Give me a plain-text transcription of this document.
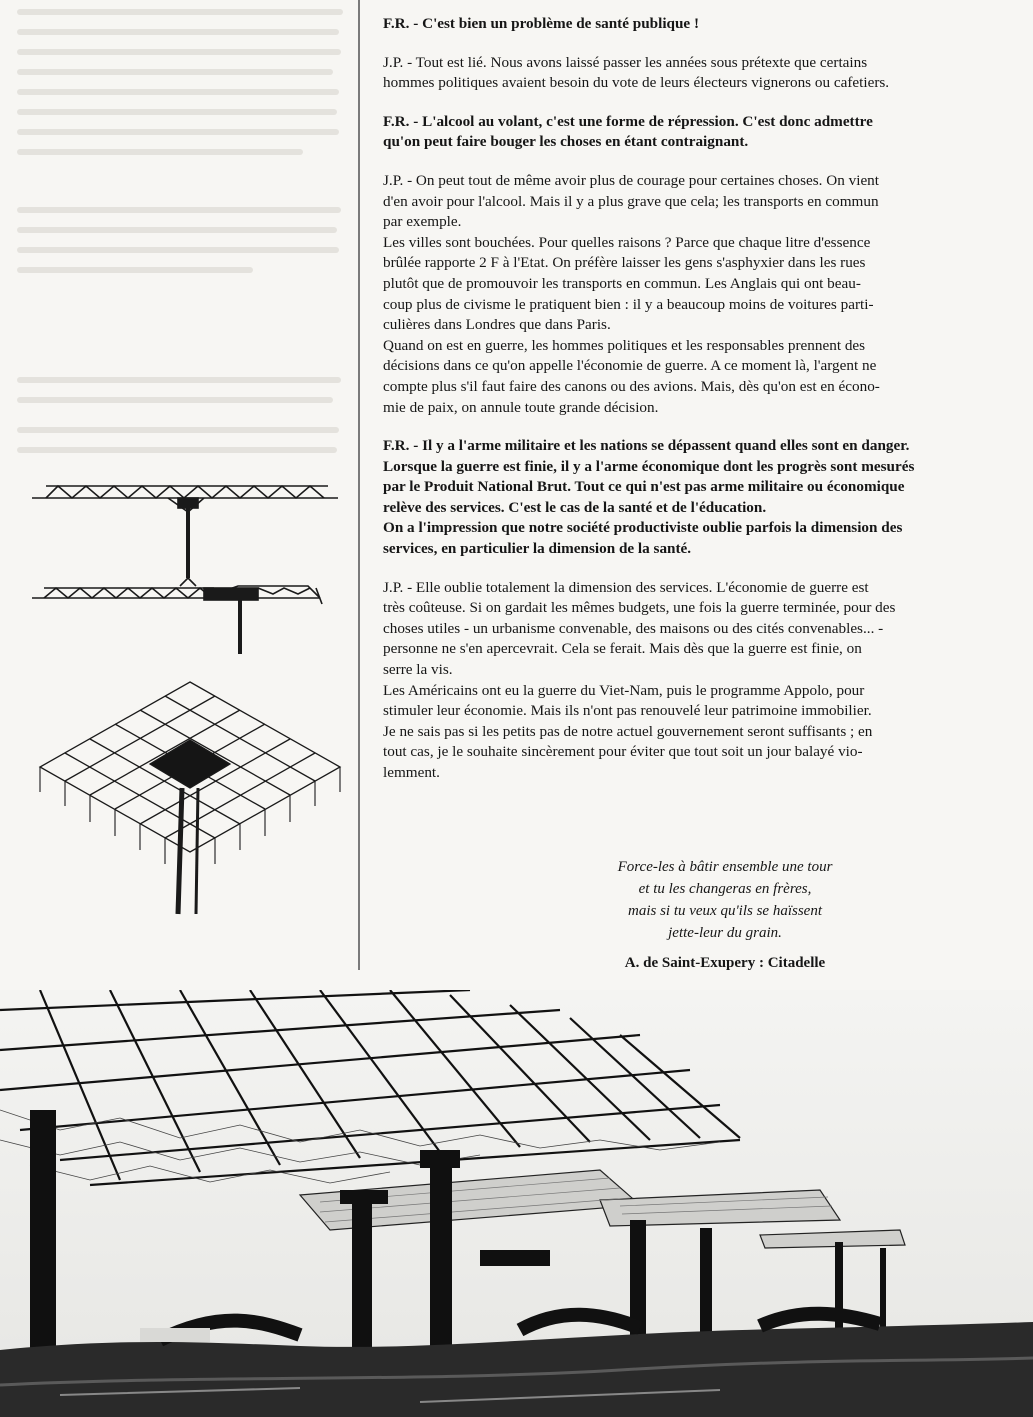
F.R. - C'est bien un problème de santé publique !

J.P. - Tout est lié. Nous avons laissé passer les années sous prétexte que certains
hommes politiques avaient besoin du vote de leurs électeurs vignerons ou cafetiers.

F.R. - L'alcool au volant, c'est une forme de répression. C'est donc admettre
qu'on peut faire bouger les choses en étant contraignant.

J.P. - On peut tout de même avoir plus de courage pour certaines choses. On vient
d'en avoir pour l'alcool. Mais il y a plus grave que cela; les transports en commun
par exemple.
Les villes sont bouchées. Pour quelles raisons ? Parce que chaque litre d'essence
brûlée rapporte 2 F à l'Etat. On préfère laisser les gens s'asphyxier dans les rues
plutôt que de promouvoir les transports en commun. Les Anglais qui ont beau-
coup plus de civisme le pratiquent bien : il y a beaucoup moins de voitures parti-
culières dans Londres que dans Paris.
Quand on est en guerre, les hommes politiques et les responsables prennent des
décisions dans ce qu'on appelle l'économie de guerre. A ce moment là, l'argent ne
compte plus s'il faut faire des canons ou des avions. Mais, dès qu'on est en écono-
mie de paix, on annule toute grande décision.

F.R. - Il y a l'arme militaire et les nations se dépassent quand elles sont en danger.
Lorsque la guerre est finie, il y a l'arme économique dont les progrès sont mesurés
par le Produit National Brut. Tout ce qui n'est pas arme militaire ou économique
relève des services. C'est le cas de la santé et de l'éducation.
On a l'impression que notre société productiviste oublie parfois la dimension des
services, en particulier la dimension de la santé.

J.P. - Elle oublie totalement la dimension des services. L'économie de guerre est
très coûteuse. Si on gardait les mêmes budgets, une fois la guerre terminée, pour des
choses utiles - un urbanisme convenable, des maisons ou des cités convenables... -
personne ne s'en apercevrait. Cela se ferait. Mais dès que la guerre est finie, on
serre la vis.
Les Américains ont eu la guerre du Viet-Nam, puis le programme Appolo, pour
stimuler leur économie. Mais ils n'ont pas renouvelé leur patrimoine immobilier.
Je ne sais pas si les petits pas de notre actuel gouvernement seront suffisants ; en
tout cas, je le souhaite sincèrement pour éviter que tout soit un jour balayé vio-
lemment.

Force-les à bâtir ensemble une tour
et tu les changeras en frères,
mais si tu veux qu'ils se haïssent
jette-leur du grain.
A. de Saint-Exupery : Citadelle
